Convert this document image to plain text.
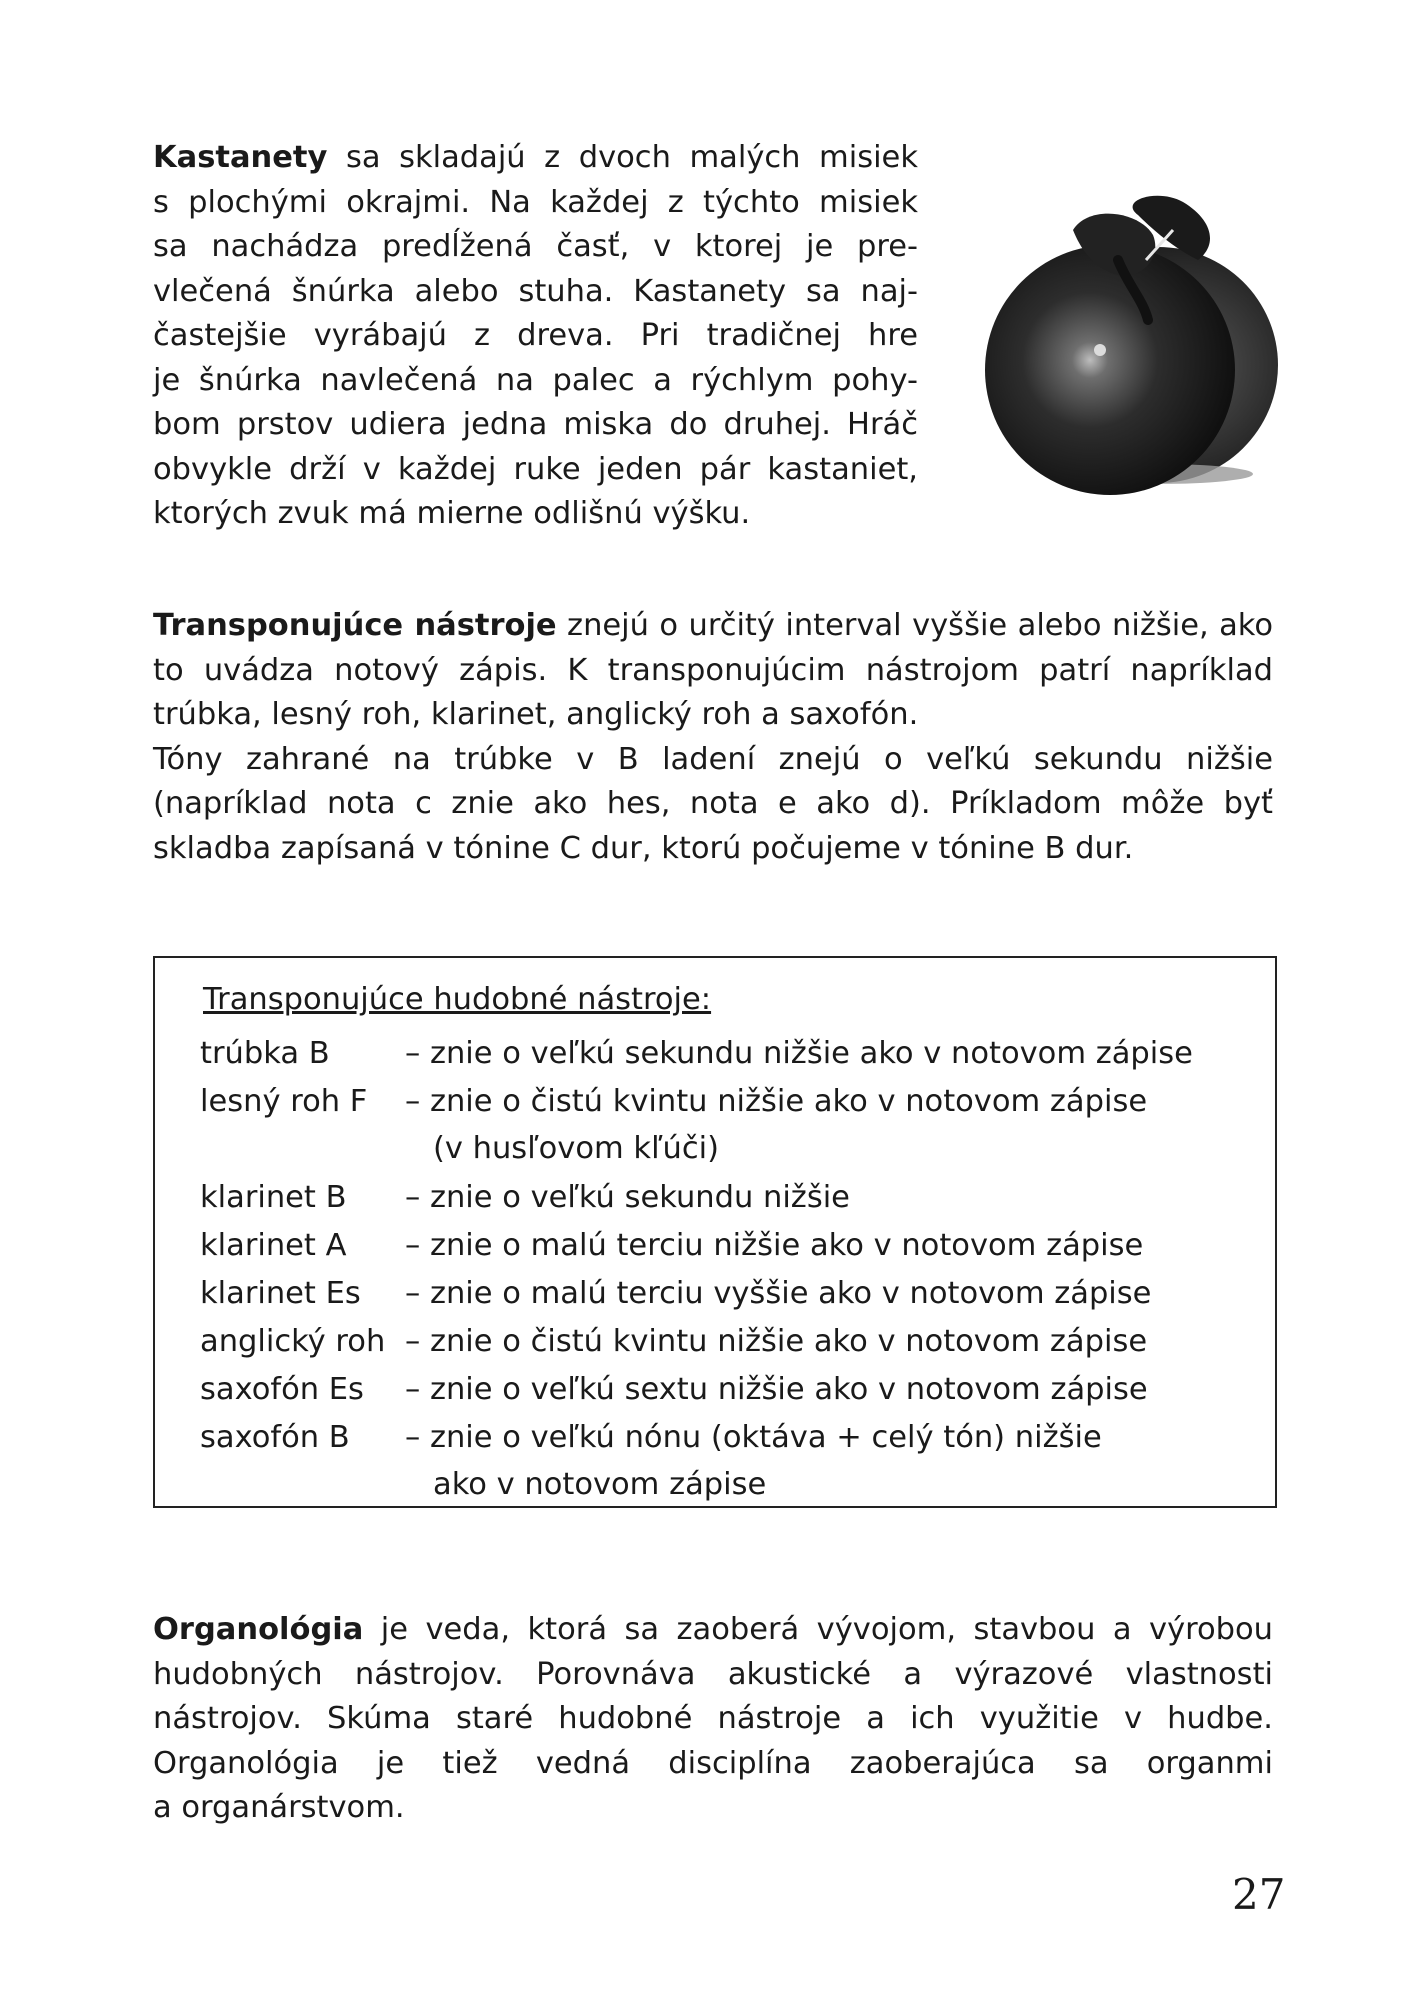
Kastanety sa skladajú z dvoch malých misiek
s plochými okrajmi. Na každej z týchto misiek
sa nachádza predĺžená časť, v ktorej je pre-
vlečená šnúrka alebo stuha. Kastanety sa naj-
častejšie vyrábajú z dreva. Pri tradičnej hre
je šnúrka navlečená na palec a rýchlym pohy-
bom prstov udiera jedna miska do druhej. Hráč
obvykle drží v každej ruke jeden pár kastaniet,
ktorých zvuk má mierne odlišnú výšku.
Transponujúce nástroje znejú o určitý interval vyššie alebo nižšie, ako
to uvádza notový zápis. K transponujúcim nástrojom patrí napríklad
trúbka, lesný roh, klarinet, anglický roh a saxofón.
Tóny zahrané na trúbke v B ladení znejú o veľkú sekundu nižšie
(napríklad nota c znie ako hes, nota e ako d). Príkladom môže byť
skladba zapísaná v tónine C dur, ktorú počujeme v tónine B dur.
Transponujúce hudobné nástroje:
trúbka B – znie o veľkú sekundu nižšie ako v notovom zápise
lesný roh F – znie o čistú kvintu nižšie ako v notovom zápise
(v husľovom kľúči)
klarinet B – znie o veľkú sekundu nižšie
klarinet A – znie o malú terciu nižšie ako v notovom zápise
klarinet Es – znie o malú terciu vyššie ako v notovom zápise
anglický roh – znie o čistú kvintu nižšie ako v notovom zápise
saxofón Es – znie o veľkú sextu nižšie ako v notovom zápise
saxofón B – znie o veľkú nónu (oktáva + celý tón) nižšie
ako v notovom zápise
Organológia je veda, ktorá sa zaoberá vývojom, stavbou a výrobou
hudobných nástrojov. Porovnáva akustické a výrazové vlastnosti
nástrojov. Skúma staré hudobné nástroje a ich využitie v hudbe.
Organológia je tiež vedná disciplína zaoberajúca sa organmi
a organárstvom.
27
